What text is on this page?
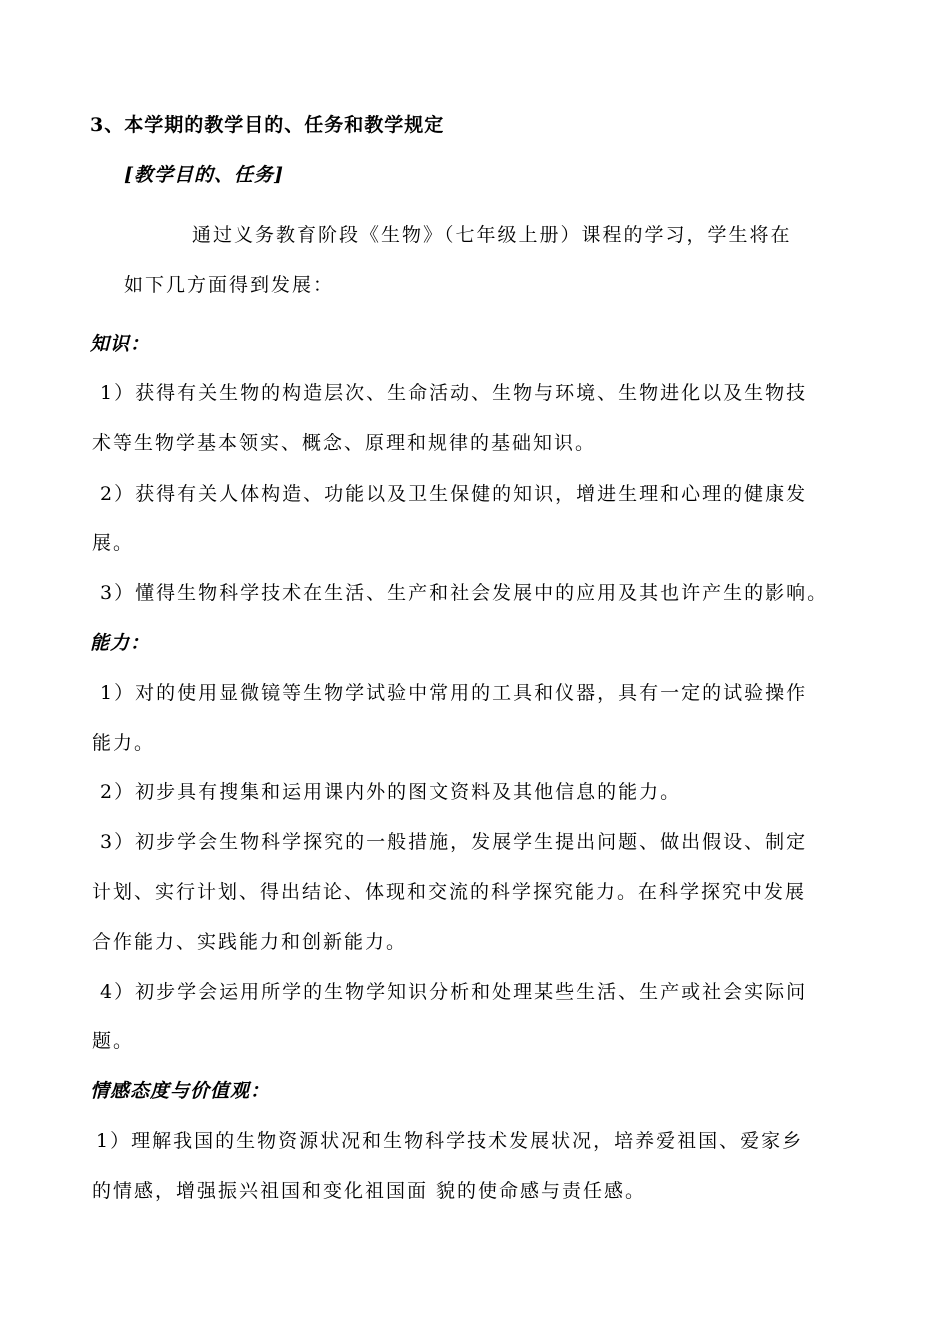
3、本学期的教学目的、任务和教学规定
[教学目的、任务]
通过义务教育阶段《生物》（七年级上册）课程的学习，学生将在
如下几方面得到发展：
知识：
1）获得有关生物的构造层次、生命活动、生物与环境、生物进化以及生物技
术等生物学基本领实、概念、原理和规律的基础知识。
2）获得有关人体构造、功能以及卫生保健的知识，增进生理和心理的健康发
展。
3）懂得生物科学技术在生活、生产和社会发展中的应用及其也许产生的影响。
能力：
1）对的使用显微镜等生物学试验中常用的工具和仪器，具有一定的试验操作
能力。
2）初步具有搜集和运用课内外的图文资料及其他信息的能力。
3）初步学会生物科学探究的一般措施，发展学生提出问题、做出假设、制定
计划、实行计划、得出结论、体现和交流的科学探究能力。在科学探究中发展
合作能力、实践能力和创新能力。
4）初步学会运用所学的生物学知识分析和处理某些生活、生产或社会实际问
题。
情感态度与价值观：
1）理解我国的生物资源状况和生物科学技术发展状况，培养爱祖国、爱家乡
的情感，增强振兴祖国和变化祖国面 貌的使命感与责任感。
